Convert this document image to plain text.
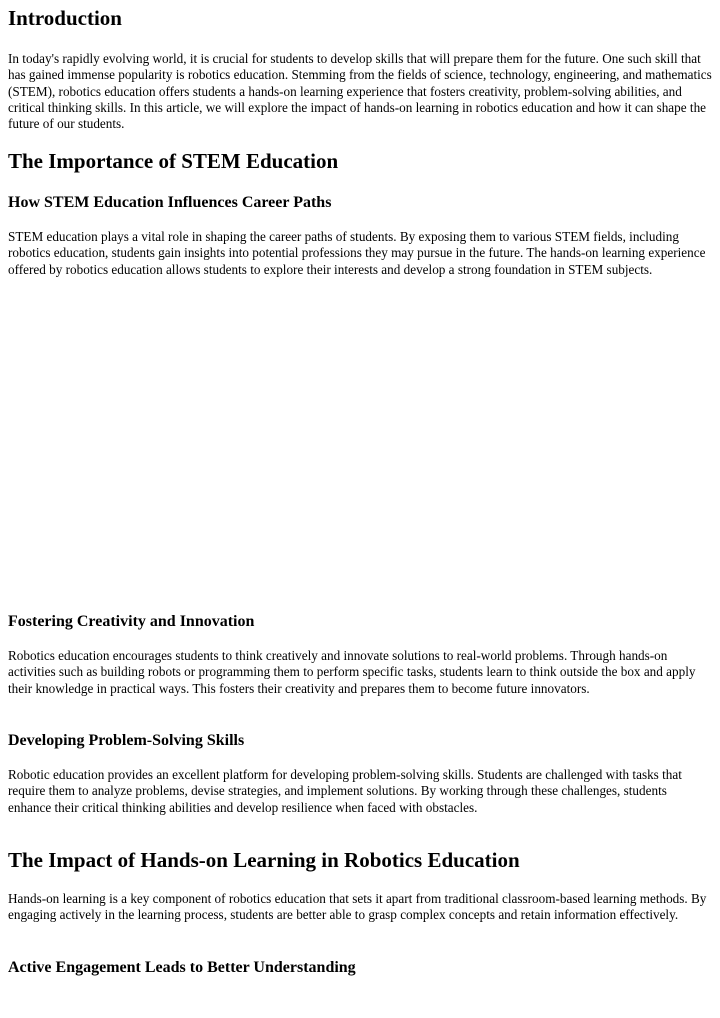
Introduction

In today's rapidly evolving world, it is crucial for students to develop skills that will prepare them for the future. One such skill that has gained immense popularity is robotics education. Stemming from the fields of science, technology, engineering, and mathematics (STEM), robotics education offers students a hands-on learning experience that fosters creativity, problem-solving abilities, and critical thinking skills. In this article, we will explore the impact of hands-on learning in robotics education and how it can shape the future of our students.

The Importance of STEM Education
How STEM Education Influences Career Paths

STEM education plays a vital role in shaping the career paths of students. By exposing them to various STEM fields, including robotics education, students gain insights into potential professions they may pursue in the future. The hands-on learning experience offered by robotics education allows students to explore their interests and develop a strong foundation in STEM subjects.

Fostering Creativity and Innovation

Robotics education encourages students to think creatively and innovate solutions to real-world problems. Through hands-on activities such as building robots or programming them to perform specific tasks, students learn to think outside the box and apply their knowledge in practical ways. This fosters their creativity and prepares them to become future innovators.

Developing Problem-Solving Skills

Robotic education provides an excellent platform for developing problem-solving skills. Students are challenged with tasks that require them to analyze problems, devise strategies, and implement solutions. By working through these challenges, students enhance their critical thinking abilities and develop resilience when faced with obstacles.

The Impact of Hands-on Learning in Robotics Education

Hands-on learning is a key component of robotics education that sets it apart from traditional classroom-based learning methods. By engaging actively in the learning process, students are better able to grasp complex concepts and retain information effectively.

Active Engagement Leads to Better Understanding
